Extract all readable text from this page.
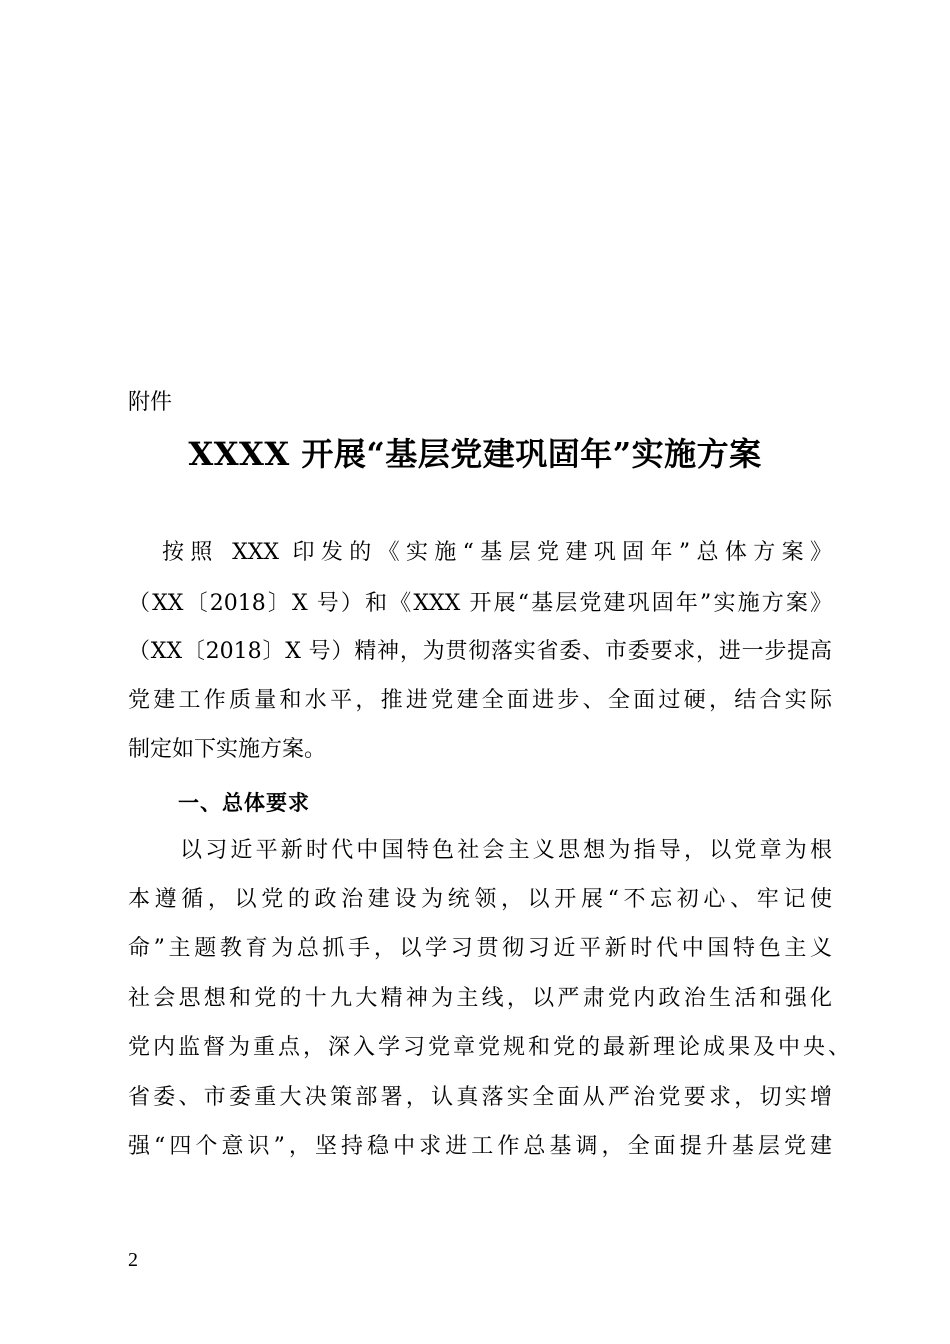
附件
XXXX 开展“基层党建巩固年”实施方案
按照 XXX 印发的《实施“基层党建巩固年”总体方案》
（XX〔2018〕X 号）和《XXX 开展“基层党建巩固年”实施方案》
（XX〔2018〕X 号）精神，为贯彻落实省委、市委要求，进一步提高
党建工作质量和水平，推进党建全面进步、全面过硬，结合实际
制定如下实施方案。
一、总体要求
以习近平新时代中国特色社会主义思想为指导，以党章为根
本遵循，以党的政治建设为统领，以开展“不忘初心、牢记使
命”主题教育为总抓手，以学习贯彻习近平新时代中国特色主义
社会思想和党的十九大精神为主线，以严肃党内政治生活和强化
党内监督为重点，深入学习党章党规和党的最新理论成果及中央、
省委、市委重大决策部署，认真落实全面从严治党要求，切实增
强“四个意识”，坚持稳中求进工作总基调，全面提升基层党建
2
